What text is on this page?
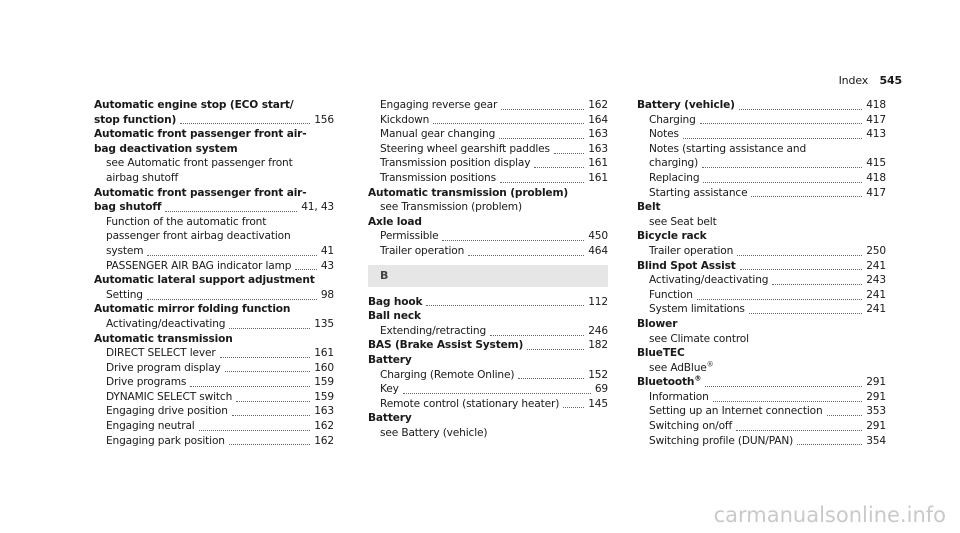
Index 545
Automatic engine stop (ECO start/
stop function)	156
Automatic front passenger front air-
bag deactivation system
see Automatic front passenger front
airbag shutoff
Automatic front passenger front air-
bag shutoff	41, 43
Function of the automatic front
passenger front airbag deactivation
system	41
PASSENGER AIR BAG indicator lamp	43
Automatic lateral support adjustment
Setting	98
Automatic mirror folding function
Activating/deactivating	135
Automatic transmission
DIRECT SELECT lever	161
Drive program display	160
Drive programs	159
DYNAMIC SELECT switch	159
Engaging drive position	163
Engaging neutral	162
Engaging park position	162
Engaging reverse gear	162
Kickdown	164
Manual gear changing	163
Steering wheel gearshift paddles	163
Transmission position display	161
Transmission positions	161
Automatic transmission (problem)
see Transmission (problem)
Axle load
Permissible	450
Trailer operation	464
B
Bag hook	112
Ball neck
Extending/retracting	246
BAS (Brake Assist System)	182
Battery
Charging (Remote Online)	152
Key	69
Remote control (stationary heater)	145
Battery
see Battery (vehicle)
Battery (vehicle)	418
Charging	417
Notes	413
Notes (starting assistance and
charging)	415
Replacing	418
Starting assistance	417
Belt
see Seat belt
Bicycle rack
Trailer operation	250
Blind Spot Assist	241
Activating/deactivating	243
Function	241
System limitations	241
Blower
see Climate control
BlueTEC
see AdBlue®
Bluetooth®	291
Information	291
Setting up an Internet connection	353
Switching on/off	291
Switching profile (DUN/PAN)	354
carmanualsonline.info
